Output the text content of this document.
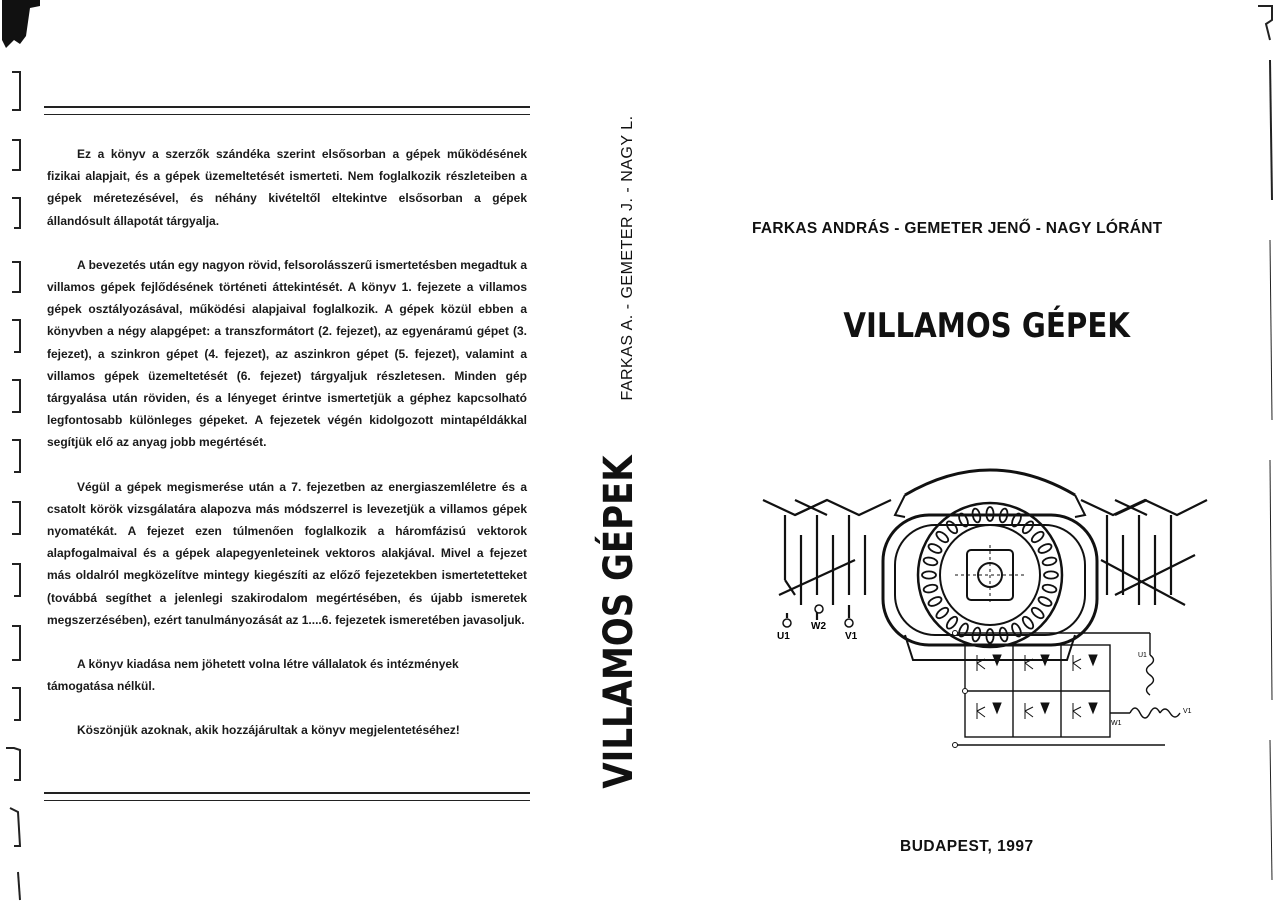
Ez a könyv a szerzők szándéka szerint elsősorban a gépek működésének fizikai alapjait, és a gépek üzemeltetését ismerteti. Nem foglalkozik részleteiben a gépek méretezésével, és néhány kivételtől eltekintve elsősorban a gépek állandósult állapotát tárgyalja.

A bevezetés után egy nagyon rövid, felsorolásszerű ismertetésben megadtuk a villamos gépek fejlődésének történeti áttekintését. A könyv 1. fejezete a villamos gépek osztályozásával, működési alapjaival foglalkozik. A gépek közül ebben a könyvben a négy alapgépet: a transzformátort (2. fejezet), az egyenáramú gépet (3. fejezet), a szinkron gépet (4. fejezet), az aszinkron gépet (5. fejezet), valamint a villamos gépek üzemeltetését (6. fejezet) tárgyaljuk részletesen. Minden gép tárgyalása után röviden, és a lényeget érintve ismertetjük a géphez kapcsolható legfontosabb különleges gépeket. A fejezetek végén kidolgozott mintapéldákkal segítjük elő az anyag jobb megértését.

Végül a gépek megismerése után a 7. fejezetben az energiaszemléletre és a csatolt körök vizsgálatára alapozva más módszerrel is levezetjük a villamos gépek nyomatékát. A fejezet ezen túlmenően foglalkozik a háromfázisú vektorok alapfogalmaival és a gépek alapegyenleteinek vektoros alakjával. Mivel a fejezet más oldalról megközelítve mintegy kiegészíti az előző fejezetekben ismertetetteket (továbbá segíthet a jelenlegi szakirodalom megértésében, és újabb ismeretek megszerzésében), ezért tanulmányozását az 1....6. fejezetek ismeretében javasoljuk.

A könyv kiadása nem jöhetett volna létre vállalatok és intézmények támogatása nélkül.

Köszönjük azoknak, akik hozzájárultak a könyv megjelentetéséhez!

FARKAS A. - GEMETER J. - NAGY L.
VILLAMOS GÉPEK
FARKAS ANDRÁS - GEMETER JENŐ - NAGY LÓRÁNT
VILLAMOS GÉPEK
U1
W2
V1
U1
V1
W1
BUDAPEST, 1997
